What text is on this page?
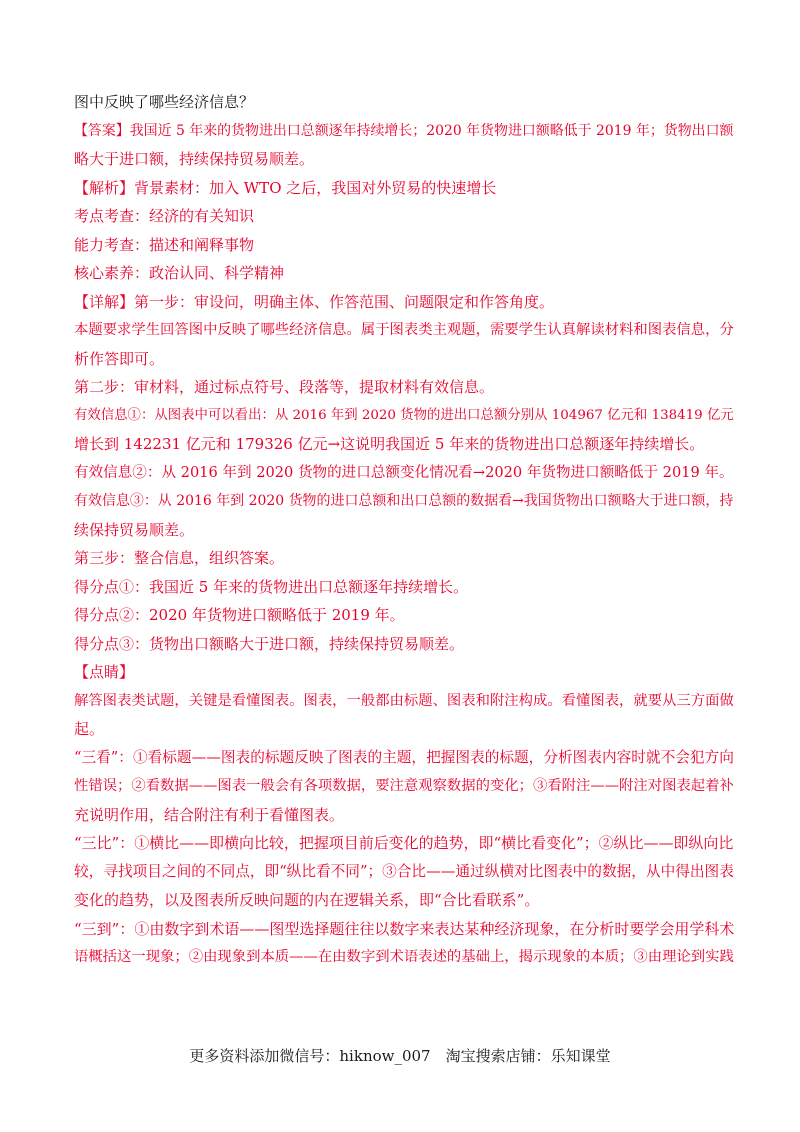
图中反映了哪些经济信息？
【答案】我国近 5 年来的货物进出口总额逐年持续增长；2020 年货物进口额略低于 2019 年；货物出口额
略大于进口额，持续保持贸易顺差。
【解析】背景素材：加入 WTO 之后，我国对外贸易的快速增长
考点考查：经济的有关知识
能力考查：描述和阐释事物
核心素养：政治认同、科学精神
【详解】第一步：审设问，明确主体、作答范围、问题限定和作答角度。
本题要求学生回答图中反映了哪些经济信息。属于图表类主观题，需要学生认真解读材料和图表信息，分
析作答即可。
第二步：审材料，通过标点符号、段落等，提取材料有效信息。
有效信息①：从图表中可以看出：从 2016 年到 2020 货物的进出口总额分别从 104967 亿元和 138419 亿元
增长到 142231 亿元和 179326 亿元→这说明我国近 5 年来的货物进出口总额逐年持续增长。
有效信息②：从 2016 年到 2020 货物的进口总额变化情况看→2020 年货物进口额略低于 2019 年。
有效信息③：从 2016 年到 2020 货物的进口总额和出口总额的数据看→我国货物出口额略大于进口额，持
续保持贸易顺差。
第三步：整合信息，组织答案。
得分点①：我国近 5 年来的货物进出口总额逐年持续增长。
得分点②：2020 年货物进口额略低于 2019 年。
得分点③：货物出口额略大于进口额，持续保持贸易顺差。
【点睛】
解答图表类试题，关键是看懂图表。图表，一般都由标题、图表和附注构成。看懂图表，就要从三方面做
起。
“三看”：①看标题——图表的标题反映了图表的主题，把握图表的标题，分析图表内容时就不会犯方向
性错误；②看数据——图表一般会有各项数据，要注意观察数据的变化；③看附注——附注对图表起着补
充说明作用，结合附注有利于看懂图表。
“三比”：①横比——即横向比较，把握项目前后变化的趋势，即“横比看变化”；②纵比——即纵向比
较，寻找项目之间的不同点，即“纵比看不同”；③合比——通过纵横对比图表中的数据，从中得出图表
变化的趋势，以及图表所反映问题的内在逻辑关系，即“合比看联系”。
“三到”：①由数字到术语——图型选择题往往以数字来表达某种经济现象，在分析时要学会用学科术
语概括这一现象；②由现象到本质——在由数字到术语表述的基础上，揭示现象的本质；③由理论到实践
更多资料添加微信号：hiknow_007　淘宝搜索店铺：乐知课堂
